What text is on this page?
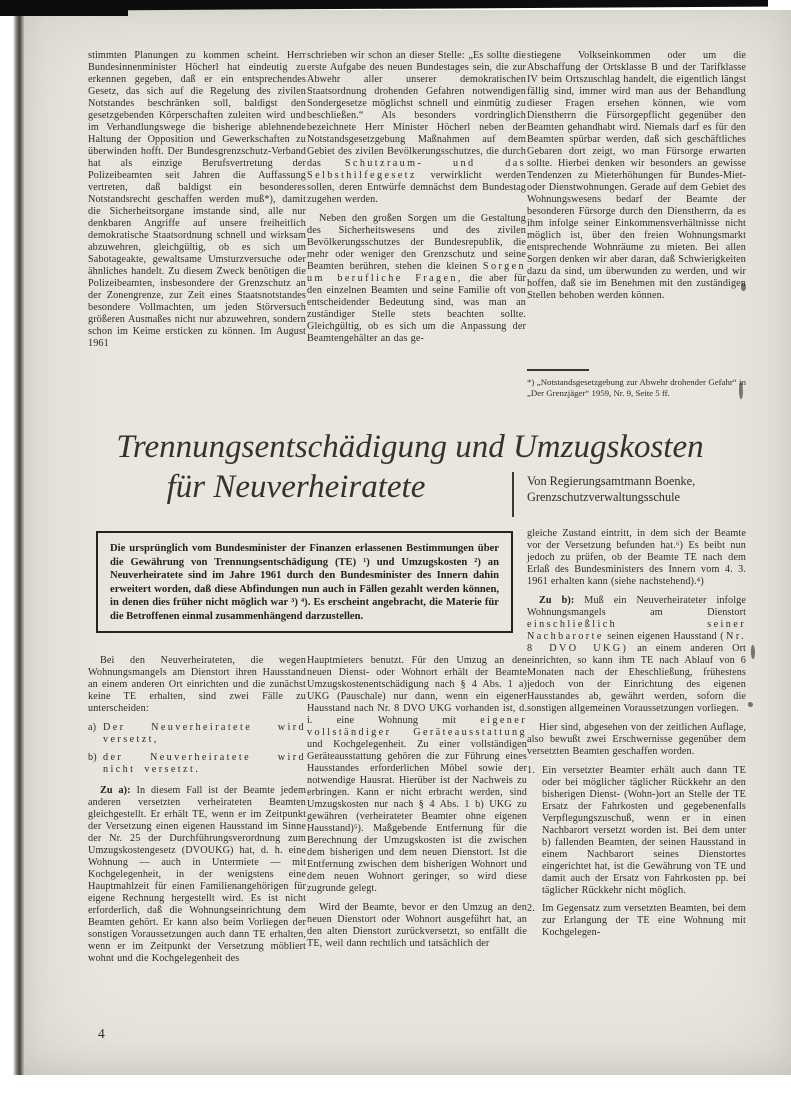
stimmten Planungen zu kommen scheint. Herr Bundesinnenminister Höcherl hat eindeutig zu erkennen gegeben, daß er ein entsprechendes Gesetz, das sich auf die Regelung des zivilen Notstandes beschränken soll, baldigst den gesetzgebenden Körperschaften zuleiten wird und im Verhandlungswege die bisherige ablehnende Haltung der Opposition und Gewerkschaften zu überwinden hofft. Der Bundesgrenzschutz-Verband hat als einzige Berufsvertretung der Polizeibeamten seit Jahren die Auffassung vertreten, daß baldigst ein besonderes Notstandsrecht geschaffen werden muß*), damit die Sicherheitsorgane imstande sind, alle nur denkbaren Angriffe auf unsere freiheitlich demokratische Staatsordnung schnell und wirksam abzuwehren, gleichgültig, ob es sich um Sabotageakte, gewaltsame Umsturzversuche oder ähnliches handelt. Zu diesem Zweck benötigen die Polizeibeamten, insbesondere der Grenzschutz an der Zonengrenze, zur Zeit eines Staatsnotstandes besondere Vollmachten, um jeden Störversuch größeren Ausmaßes nicht nur abzuwehren, sondern schon im Keime ersticken zu können. Im August 1961

schrieben wir schon an dieser Stelle: „Es sollte die erste Aufgabe des neuen Bundestages sein, die zur Abwehr aller unserer demokratischen Staatsordnung drohenden Gefahren notwendigen Sondergesetze möglichst schnell und einmütig zu beschließen.“ Als besonders vordringlich bezeichnete Herr Minister Höcherl neben der Notstandsgesetzgebung Maßnahmen auf dem Gebiet des zivilen Bevölkerungsschutzes, die durch das Schutzraum- und das Selbsthilfegesetz verwirklicht werden sollen, deren Entwürfe demnächst dem Bundestag zugehen werden.

Neben den großen Sorgen um die Gestaltung des Sicherheitswesens und des zivilen Bevölkerungsschutzes der Bundesrepublik, die mehr oder weniger den Grenzschutz und seine Beamten berühren, stehen die kleinen Sorgen um berufliche Fragen, die aber für den einzelnen Beamten und seine Familie oft von entscheidender Bedeutung sind, was man an zuständiger Stelle stets beachten sollte. Gleichgültig, ob es sich um die Anpassung der Beamtengehälter an das ge-

stiegene Volkseinkommen oder um die Abschaffung der Ortsklasse B und der Tarifklasse IV beim Ortszuschlag handelt, die eigentlich längst fällig sind, immer wird man aus der Behandlung dieser Fragen ersehen können, wie vom Dienstherrn die Fürsorgepflicht gegenüber den Beamten gehandhabt wird. Niemals darf es für den Beamten spürbar werden, daß sich geschäftliches Gebaren dort zeigt, wo man Fürsorge erwarten sollte. Hierbei denken wir besonders an gewisse Tendenzen zu Mieterhöhungen für Bundes-Miet- oder Dienstwohnungen. Gerade auf dem Gebiet des Wohnungswesens bedarf der Beamte der besonderen Fürsorge durch den Dienstherrn, da es ihm infolge seiner Einkommensverhältnisse nicht möglich ist, über den freien Wohnungsmarkt entsprechende Wohnräume zu mieten. Bei allen Sorgen denken wir aber daran, daß Schwierigkeiten dazu da sind, um überwunden zu werden, und wir hoffen, daß sie im Benehmen mit den zuständigen Stellen behoben werden können.

*) „Notstandsgesetzgebung zur Abwehr drohender Gefahr“ in „Der Grenzjäger“ 1959, Nr. 9, Seite 5 ff.
Trennungsentschädigung und Umzugskosten
für Neuverheiratete	Von Regierungsamtmann Boenke,
Grenzschutzverwaltungsschule
Die ursprünglich vom Bundesminister der Finanzen erlassenen Bestimmungen über die Gewährung von Trennungsentschädigung (TE) ¹) und Umzugskosten ²) an Neuverheiratete sind im Jahre 1961 durch den Bundesminister des Innern dahin erweitert worden, daß diese Abfindungen nun auch in Fällen gezahlt werden können, in denen dies früher nicht möglich war ³) ⁴). Es erscheint angebracht, die Materie für die Betroffenen einmal zusammenhängend darzustellen.

gleiche Zustand eintritt, in dem sich der Beamte vor der Versetzung befunden hat.⁶) Es beibt nun jedoch zu prüfen, ob der Beamte TE nach dem Erlaß des Bundesministers des Innern vom 4. 3. 1961 erhalten kann (siehe nachstehend).⁴)

Zu b): Muß ein Neuverheirateter infolge Wohnungsmangels am Dienstort einschließlich seiner Nachbarorte seinen eigenen Hausstand (Nr. 8 DVO UKG) an einem anderen Ort einrichten, so kann ihm TE nach Ablauf von 6 Monaten nach der Eheschließung, frühestens jedoch von der Einrichtung des eigenen Hausstandes ab, gewährt werden, soforn die sonstigen allgemeinen Voraussetzungen vorliegen.

Hier sind, abgesehen von der zeitlichen Auflage, also bewußt zwei Erschwernisse gegenüber dem versetzten Beamten geschaffen worden.

1. Ein versetzter Beamter erhält auch dann TE oder bei möglicher täglicher Rückkehr an den bisherigen Dienst- (Wohn-)ort an Stelle der TE Ersatz der Fahrkosten und gegebenenfalls Verpflegungszuschuß, wenn er in einen Nachbarort versetzt worden ist. Bei dem unter b) fallenden Beamten, der seinen Hausstand in einem Nachbarort seines Dienstortes eingerichtet hat, ist die Gewährung von TE und damit auch der Ersatz von Fahrkosten pp. bei täglicher Rückkehr nicht möglich.
2. Im Gegensatz zum versetzten Beamten, bei dem zur Erlangung der TE eine Wohnung mit Kochgelegen-

Bei den Neuverheirateten, die wegen Wohnungsmangels am Dienstort ihren Hausstand an einem anderen Ort einrichten und die zunächst keine TE erhalten, sind zwei Fälle zu unterscheiden:

a) Der Neuverheiratete wird versetzt,
b) der Neuverheiratete wird nicht versetzt.

Zu a): In diesem Fall ist der Beamte jedem anderen versetzten verheirateten Beamten gleichgestellt. Er erhält TE, wenn er im Zeitpunkt der Versetzung einen eigenen Hausstand im Sinne der Nr. 25 der Durchführungsverordnung zum Umzugskostengesetz (DVOUKG) hat, d. h. eine Wohnung — auch in Untermiete — mit Kochgelegenheit, in der wenigstens eine Hauptmahlzeit für einen Familienangehörigen für eigene Rechnung hergestellt wird. Es ist nicht erforderlich, daß die Wohnungseinrichtung dem Beamten gehört. Er kann also beim Vorliegen der sonstigen Voraussetzungen auch dann TE erhalten, wenn er im Zeitpunkt der Versetzung möbliert wohnt und die Kochgelegenheit des

Hauptmieters benutzt. Für den Umzug an den neuen Dienst- oder Wohnort erhält der Beamte Umzugskostenentschädigung nach § 4 Abs. 1 a) UKG (Pauschale) nur dann, wenn ein eigener Hausstand nach Nr. 8 DVO UKG vorhanden ist, d. i. eine Wohnung mit eigener vollständiger Geräteausstattung und Kochgelegenheit. Zu einer vollständigen Geräteausstattung gehören die zur Führung eines Hausstandes erforderlichen Möbel sowie der notwendige Hausrat. Hierüber ist der Nachweis zu erbringen. Kann er nicht erbracht werden, sind Umzugskosten nur nach § 4 Abs. 1 b) UKG zu gewähren (verheirateter Beamter ohne eigenen Hausstand)⁵). Maßgebende Entfernung für die Berechnung der Umzugskosten ist die zwischen dem bisherigen und dem neuen Dienstort. Ist die Entfernung zwischen dem bisherigen Wohnort und dem neuen Wohnort geringer, so wird diese zugrunde gelegt.

Wird der Beamte, bevor er den Umzug an den neuen Dienstort oder Wohnort ausgeführt hat, an den alten Dienstort zurückversetzt, so entfällt die TE, weil dann rechtlich und tatsächlich der

4
